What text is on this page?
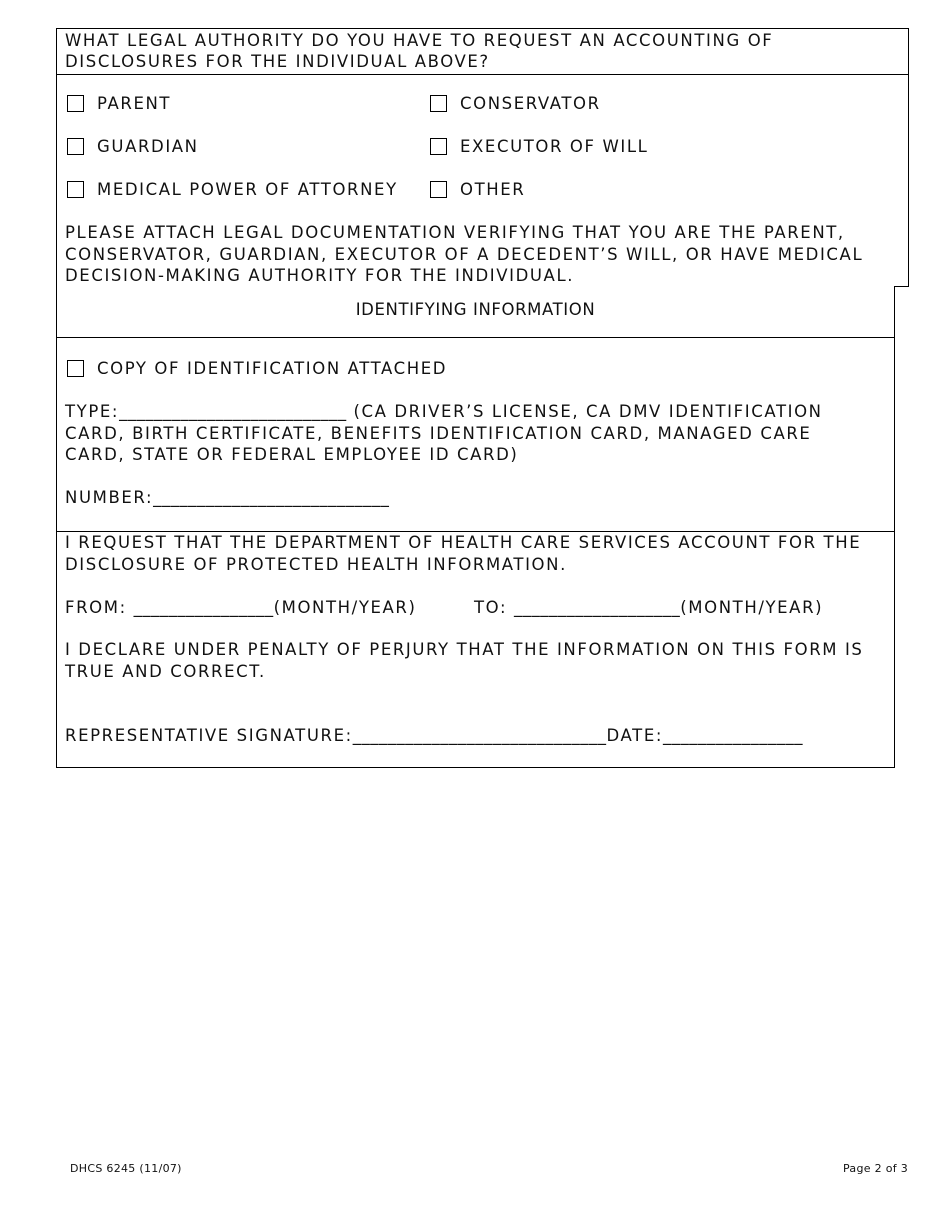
WHAT LEGAL AUTHORITY DO YOU HAVE TO REQUEST AN ACCOUNTING OF DISCLOSURES FOR THE INDIVIDUAL ABOVE?
PARENT	CONSERVATOR
GUARDIAN	EXECUTOR OF WILL
MEDICAL POWER OF ATTORNEY	OTHER
PLEASE ATTACH LEGAL DOCUMENTATION VERIFYING THAT YOU ARE THE PARENT, CONSERVATOR, GUARDIAN, EXECUTOR OF A DECEDENT’S WILL, OR HAVE MEDICAL DECISION-MAKING AUTHORITY FOR THE INDIVIDUAL.
IDENTIFYING INFORMATION
COPY OF IDENTIFICATION ATTACHED
TYPE:__________________________ (CA DRIVER’S LICENSE, CA DMV IDENTIFICATION CARD, BIRTH CERTIFICATE, BENEFITS IDENTIFICATION CARD, MANAGED CARE CARD, STATE OR FEDERAL EMPLOYEE ID CARD)
NUMBER:___________________________
I REQUEST THAT THE DEPARTMENT OF HEALTH CARE SERVICES ACCOUNT FOR THE DISCLOSURE OF PROTECTED HEALTH INFORMATION.
FROM: ________________(MONTH/YEAR)	TO: ___________________(MONTH/YEAR)
I DECLARE UNDER PENALTY OF PERJURY THAT THE INFORMATION ON THIS FORM IS TRUE AND CORRECT.
REPRESENTATIVE SIGNATURE:_____________________________DATE:________________
DHCS 6245 (11/07)	Page 2 of 3
